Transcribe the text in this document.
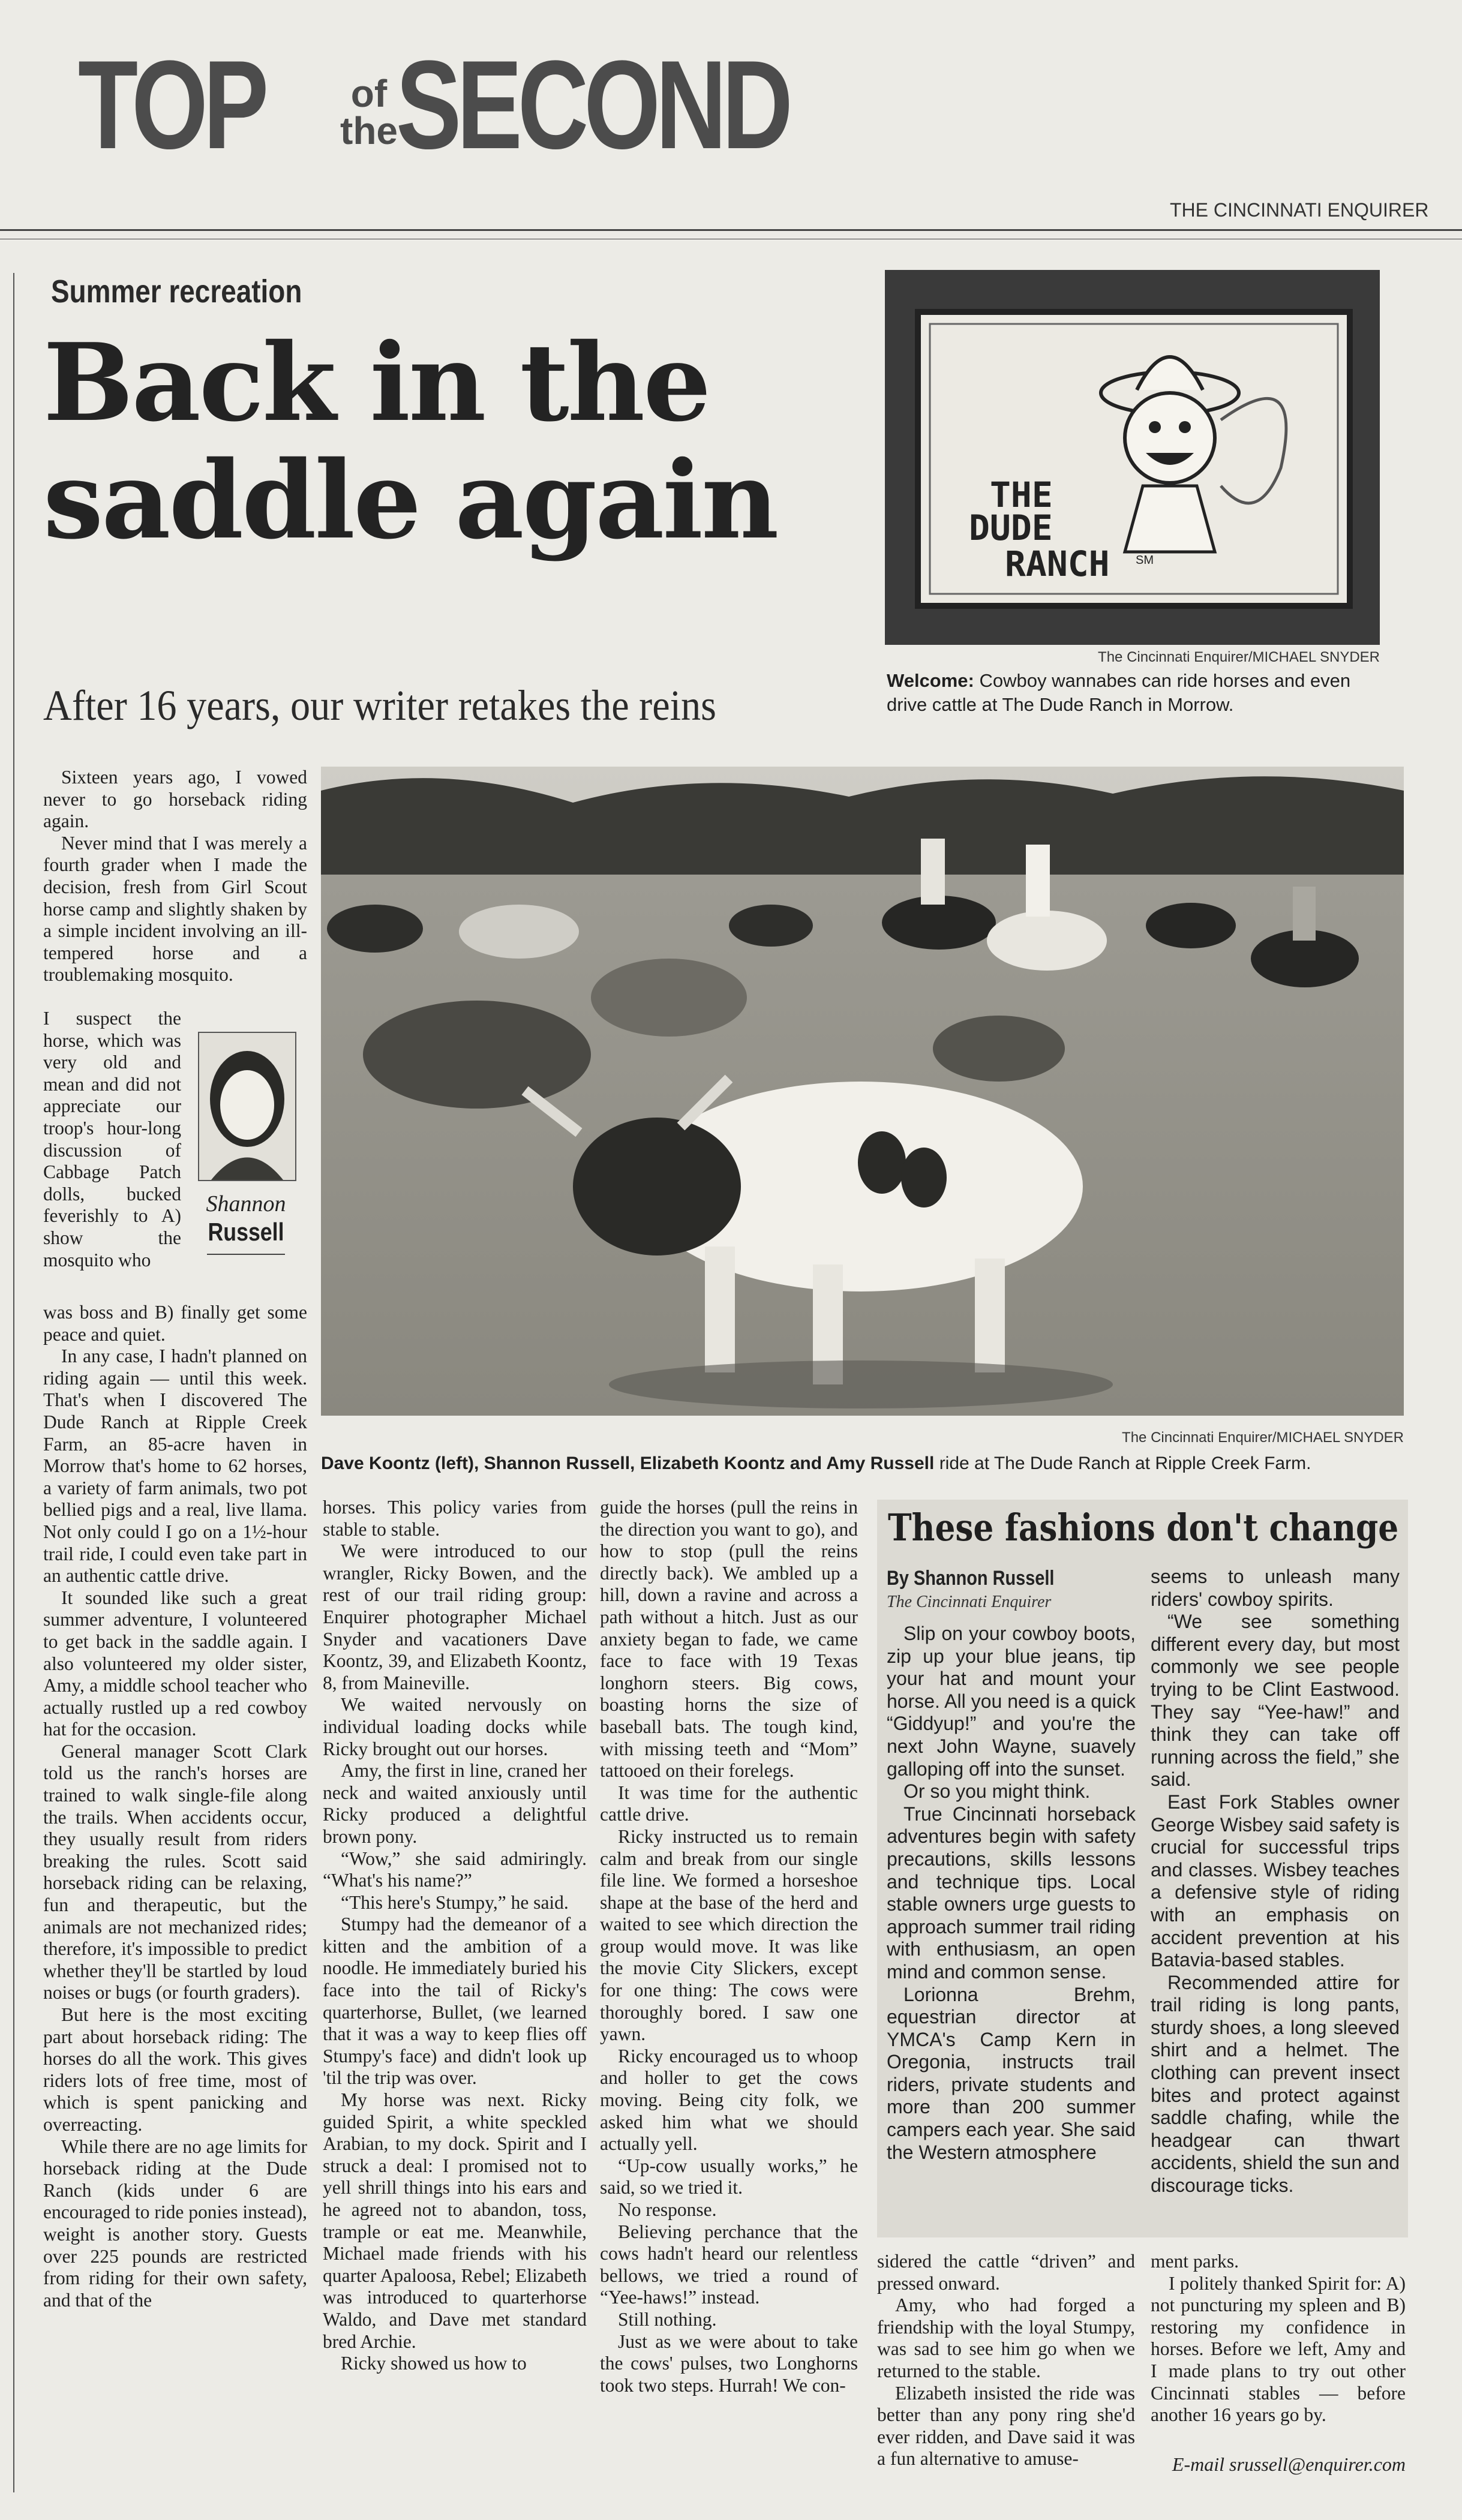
TOP	of
the
SECOND
THE CINCINNATI ENQUIRER
Summer recreation
Back in the
saddle again
After 16 years, our writer retakes the reins
THE
DUDE
RANCH SM
The Cincinnati Enquirer/MICHAEL SNYDER
Welcome: Cowboy wannabes can ride horses and even drive cattle at The Dude Ranch in Morrow.
The Cincinnati Enquirer/MICHAEL SNYDER
Dave Koontz (left), Shannon Russell, Elizabeth Koontz and Amy Russell ride at The Dude Ranch at Ripple Creek Farm.

Sixteen years ago, I vowed never to go horseback riding again.

Never mind that I was merely a fourth grader when I made the decision, fresh from Girl Scout horse camp and slightly shaken by a simple incident involving an ill-tempered horse and a troublemaking mosquito.

I suspect the horse, which was very old and mean and did not appreciate our troop's hour-long discussion of Cabbage Patch dolls, bucked feverishly to A) show the mosquito who

Shannon
Russell

was boss and B) finally get some peace and quiet.

In any case, I hadn't planned on riding again — until this week. That's when I discovered The Dude Ranch at Ripple Creek Farm, an 85-acre haven in Morrow that's home to 62 horses, a variety of farm animals, two pot bellied pigs and a real, live llama. Not only could I go on a 1½-hour trail ride, I could even take part in an authentic cattle drive.

It sounded like such a great summer adventure, I volunteered to get back in the saddle again. I also volunteered my older sister, Amy, a middle school teacher who actually rustled up a red cowboy hat for the occasion.

General manager Scott Clark told us the ranch's horses are trained to walk single-file along the trails. When accidents occur, they usually result from riders breaking the rules. Scott said horseback riding can be relaxing, fun and therapeutic, but the animals are not mechanized rides; therefore, it's impossible to predict whether they'll be startled by loud noises or bugs (or fourth graders).

But here is the most exciting part about horseback riding: The horses do all the work. This gives riders lots of free time, most of which is spent panicking and overreacting.

While there are no age limits for horseback riding at the Dude Ranch (kids under 6 are encouraged to ride ponies instead), weight is another story. Guests over 225 pounds are restricted from riding for their own safety, and that of the

horses. This policy varies from stable to stable.

We were introduced to our wrangler, Ricky Bowen, and the rest of our trail riding group: Enquirer photographer Michael Snyder and vacationers Dave Koontz, 39, and Elizabeth Koontz, 8, from Maineville.

We waited nervously on individual loading docks while Ricky brought out our horses.

Amy, the first in line, craned her neck and waited anxiously until Ricky produced a delightful brown pony.

“Wow,” she said admiringly. “What's his name?”

“This here's Stumpy,” he said.

Stumpy had the demeanor of a kitten and the ambition of a noodle. He immediately buried his face into the tail of Ricky's quarterhorse, Bullet, (we learned that it was a way to keep flies off Stumpy's face) and didn't look up 'til the trip was over.

My horse was next. Ricky guided Spirit, a white speckled Arabian, to my dock. Spirit and I struck a deal: I promised not to yell shrill things into his ears and he agreed not to abandon, toss, trample or eat me. Meanwhile, Michael made friends with his quarter Apaloosa, Rebel; Elizabeth was introduced to quarterhorse Waldo, and Dave met standard bred Archie.

Ricky showed us how to

guide the horses (pull the reins in the direction you want to go), and how to stop (pull the reins directly back). We ambled up a hill, down a ravine and across a path without a hitch. Just as our anxiety began to fade, we came face to face with 19 Texas longhorn steers. Big cows, boasting horns the size of baseball bats. The tough kind, with missing teeth and “Mom” tattooed on their forelegs.

It was time for the authentic cattle drive.

Ricky instructed us to remain calm and break from our single file line. We formed a horseshoe shape at the base of the herd and waited to see which direction the group would move. It was like the movie City Slickers, except for one thing: The cows were thoroughly bored. I saw one yawn.

Ricky encouraged us to whoop and holler to get the cows moving. Being city folk, we asked him what we should actually yell.

“Up-cow usually works,” he said, so we tried it.

No response.

Believing perchance that the cows hadn't heard our relentless bellows, we tried a round of “Yee-haws!” instead.

Still nothing.

Just as we were about to take the cows' pulses, two Longhorns took two steps. Hurrah! We con-

These fashions don't change
By Shannon Russell
The Cincinnati Enquirer

Slip on your cowboy boots, zip up your blue jeans, tip your hat and mount your horse. All you need is a quick “Giddyup!” and you're the next John Wayne, suavely galloping off into the sunset.

Or so you might think.

True Cincinnati horseback adventures begin with safety precautions, skills lessons and technique tips. Local stable owners urge guests to approach summer trail riding with enthusiasm, an open mind and common sense.

Lorionna Brehm, equestrian director at YMCA's Camp Kern in Oregonia, instructs trail riders, private students and more than 200 summer campers each year. She said the Western atmosphere

seems to unleash many riders' cowboy spirits.

“We see something different every day, but most commonly we see people trying to be Clint Eastwood. They say “Yee-haw!” and think they can take off running across the field,” she said.

East Fork Stables owner George Wisbey said safety is crucial for successful trips and classes. Wisbey teaches a defensive style of riding with an emphasis on accident prevention at his Batavia-based stables.

Recommended attire for trail riding is long pants, sturdy shoes, a long sleeved shirt and a helmet. The clothing can prevent insect bites and protect against saddle chafing, while the headgear can thwart accidents, shield the sun and discourage ticks.

sidered the cattle “driven” and pressed onward.

Amy, who had forged a friendship with the loyal Stumpy, was sad to see him go when we returned to the stable.

Elizabeth insisted the ride was better than any pony ring she'd ever ridden, and Dave said it was a fun alternative to amuse-

ment parks.

I politely thanked Spirit for: A) not puncturing my spleen and B) restoring my confidence in horses. Before we left, Amy and I made plans to try out other Cincinnati stables — before another 16 years go by.

E-mail srussell@enquirer.com
